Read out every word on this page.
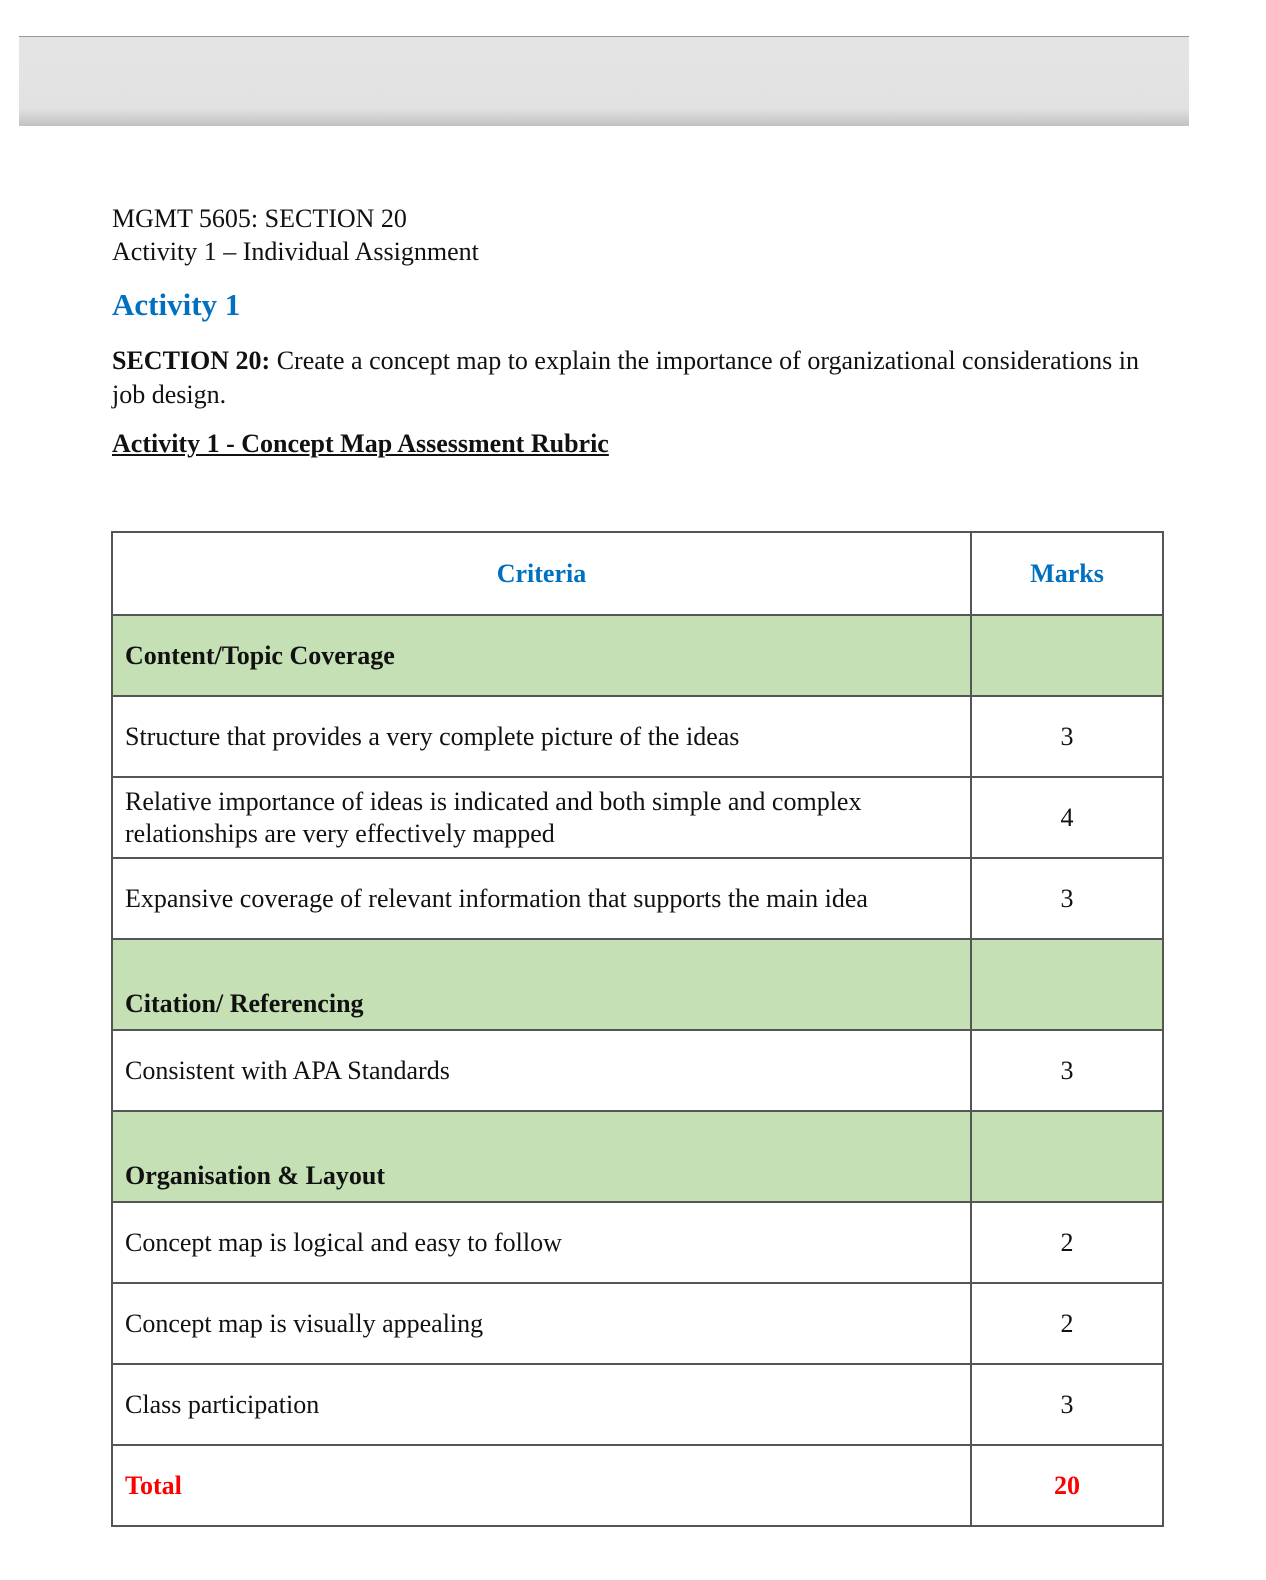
MGMT 5605: SECTION 20
Activity 1 – Individual Assignment
Activity 1
SECTION 20: Create a concept map to explain the importance of organizational considerations in job design.
Activity 1 - Concept Map Assessment Rubric
Criteria	Marks
Content/Topic Coverage	
Structure that provides a very complete picture of the ideas	3
Relative importance of ideas is indicated and both simple and complex relationships are very effectively mapped	4
Expansive coverage of relevant information that supports the main idea	3
Citation/ Referencing	
Consistent with APA Standards	3
Organisation & Layout	
Concept map is logical and easy to follow	2
Concept map is visually appealing	2
Class participation	3
Total	20
